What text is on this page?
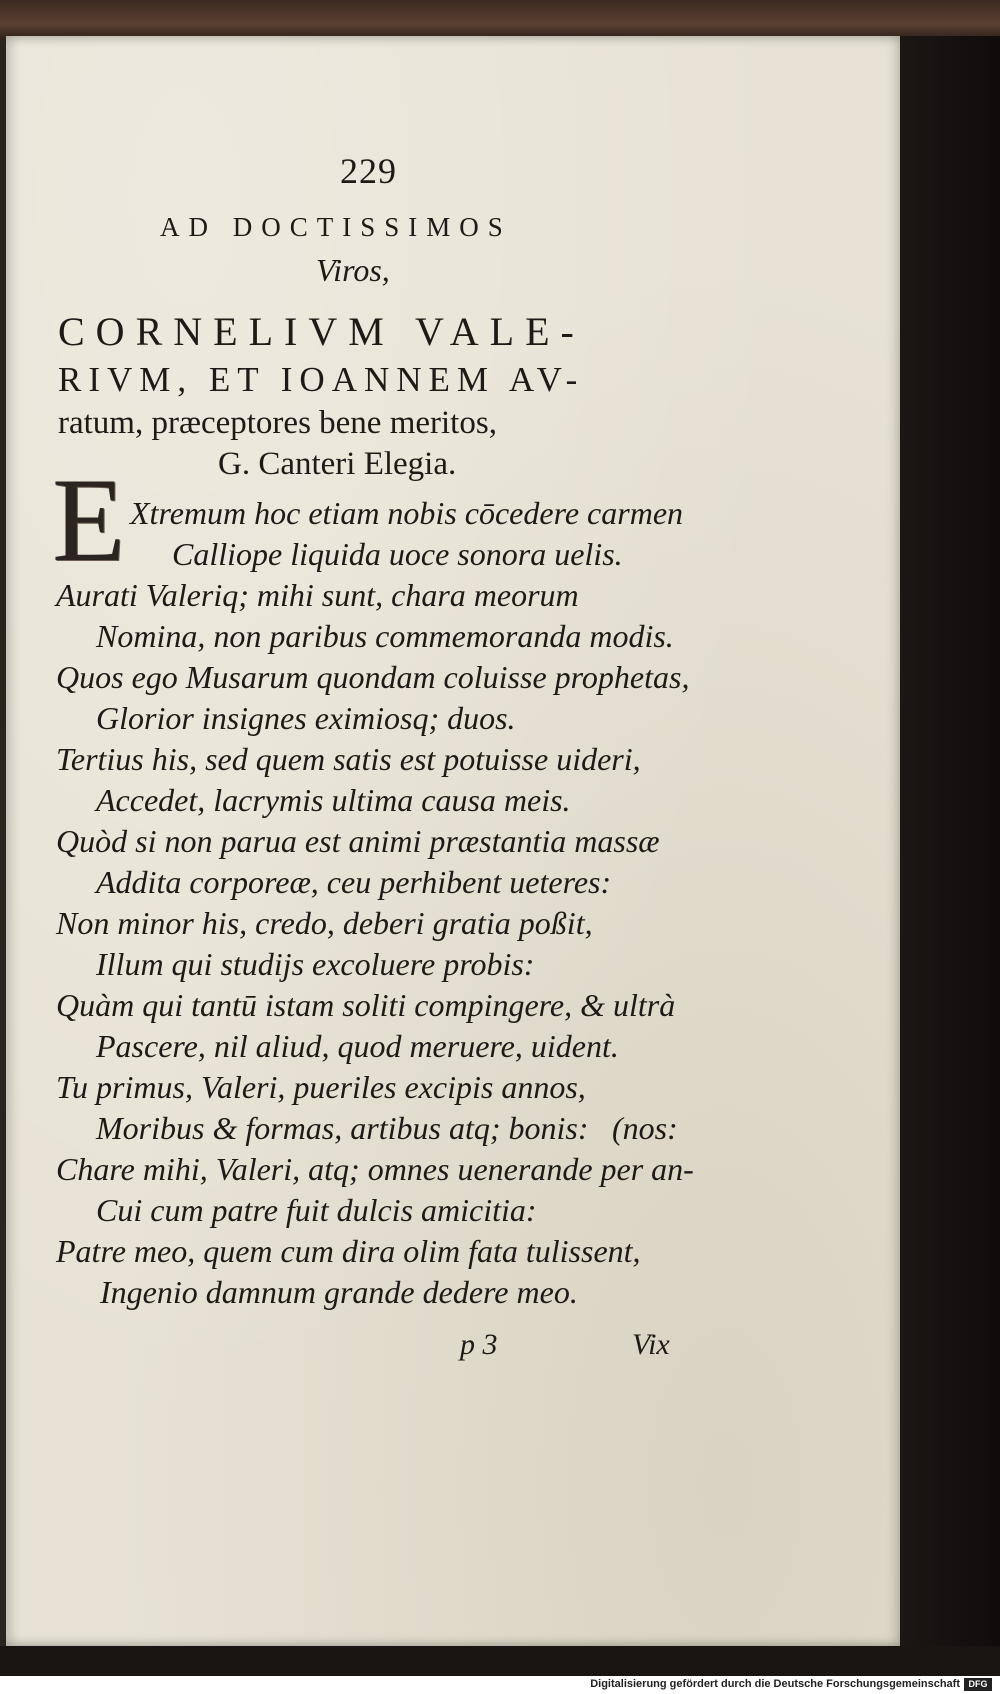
229
AD DOCTISSIMOS
Viros,
CORNELIVM VALE-
RIVM, ET IOANNEM AV-
ratum, præceptores bene meritos,
G. Canteri Elegia.
E Xtremum hoc etiam nobis cōcedere carmen
Calliope liquida uoce sonora uelis.
Aurati Valeriq; mihi sunt, chara meorum
Nomina, non paribus commemoranda modis.
Quos ego Musarum quondam coluisse prophetas,
Glorior insignes eximiosq; duos.
Tertius his, sed quem satis est potuisse uideri,
Accedet, lacrymis ultima causa meis.
Quòd si non parua est animi præstantia massæ
Addita corporeæ, ceu perhibent ueteres:
Non minor his, credo, deberi gratia poßit,
Illum qui studijs excoluere probis:
Quàm qui tantū istam soliti compingere, & ultrà
Pascere, nil aliud, quod meruere, uident.
Tu primus, Valeri, pueriles excipis annos,
Moribus & formas, artibus atq; bonis: (nos:
Chare mihi, Valeri, atq; omnes uenerande per an-
Cui cum patre fuit dulcis amicitia:
Patre meo, quem cum dira olim fata tulissent,
Ingenio damnum grande dedere meo.
p 3	Vix
Digitalisierung gefördert durch die Deutsche Forschungsgemeinschaft DFG
